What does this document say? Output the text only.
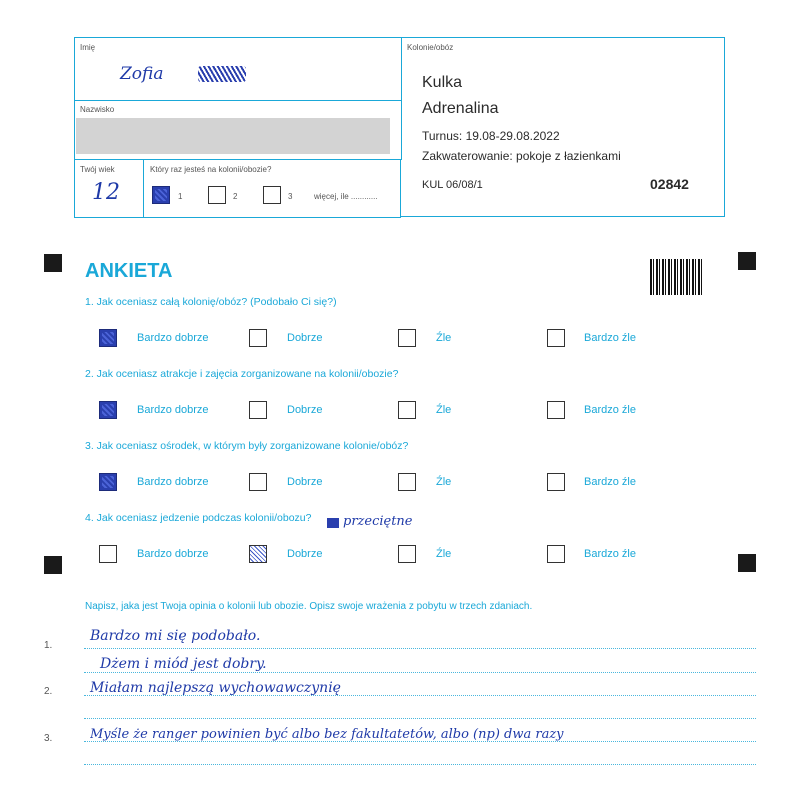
Imię
Zofia
Nazwisko
Twój wiek
12
Który raz jesteś na kolonii/obozie?
1	2	3	więcej, ile ............
Kolonie/obóz
Kulka
Adrenalina
Turnus: 19.08-29.08.2022
Zakwaterowanie: pokoje z łazienkami
KUL 06/08/1	02842
ANKIETA
1. Jak oceniasz całą kolonię/obóz? (Podobało Ci się?)
Bardzo dobrze	Dobrze	Źle	Bardzo źle
2. Jak oceniasz atrakcje i zajęcia zorganizowane na kolonii/obozie?
Bardzo dobrze	Dobrze	Źle	Bardzo źle
3. Jak oceniasz ośrodek, w którym były zorganizowane kolonie/obóz?
Bardzo dobrze	Dobrze	Źle	Bardzo źle
4. Jak oceniasz jedzenie podczas kolonii/obozu? przeciętne
Bardzo dobrze	Dobrze	Źle	Bardzo źle
Napisz, jaka jest Twoja opinia o kolonii lub obozie. Opisz swoje wrażenia z pobytu w trzech zdaniach.
1.
2.
3.
Bardzo mi się podobało.
Dżem i miód jest dobry.
Miałam najlepszą wychowawczynię
Myśle że ranger powinien być albo bez fakultatetów, albo (np) dwa razy
